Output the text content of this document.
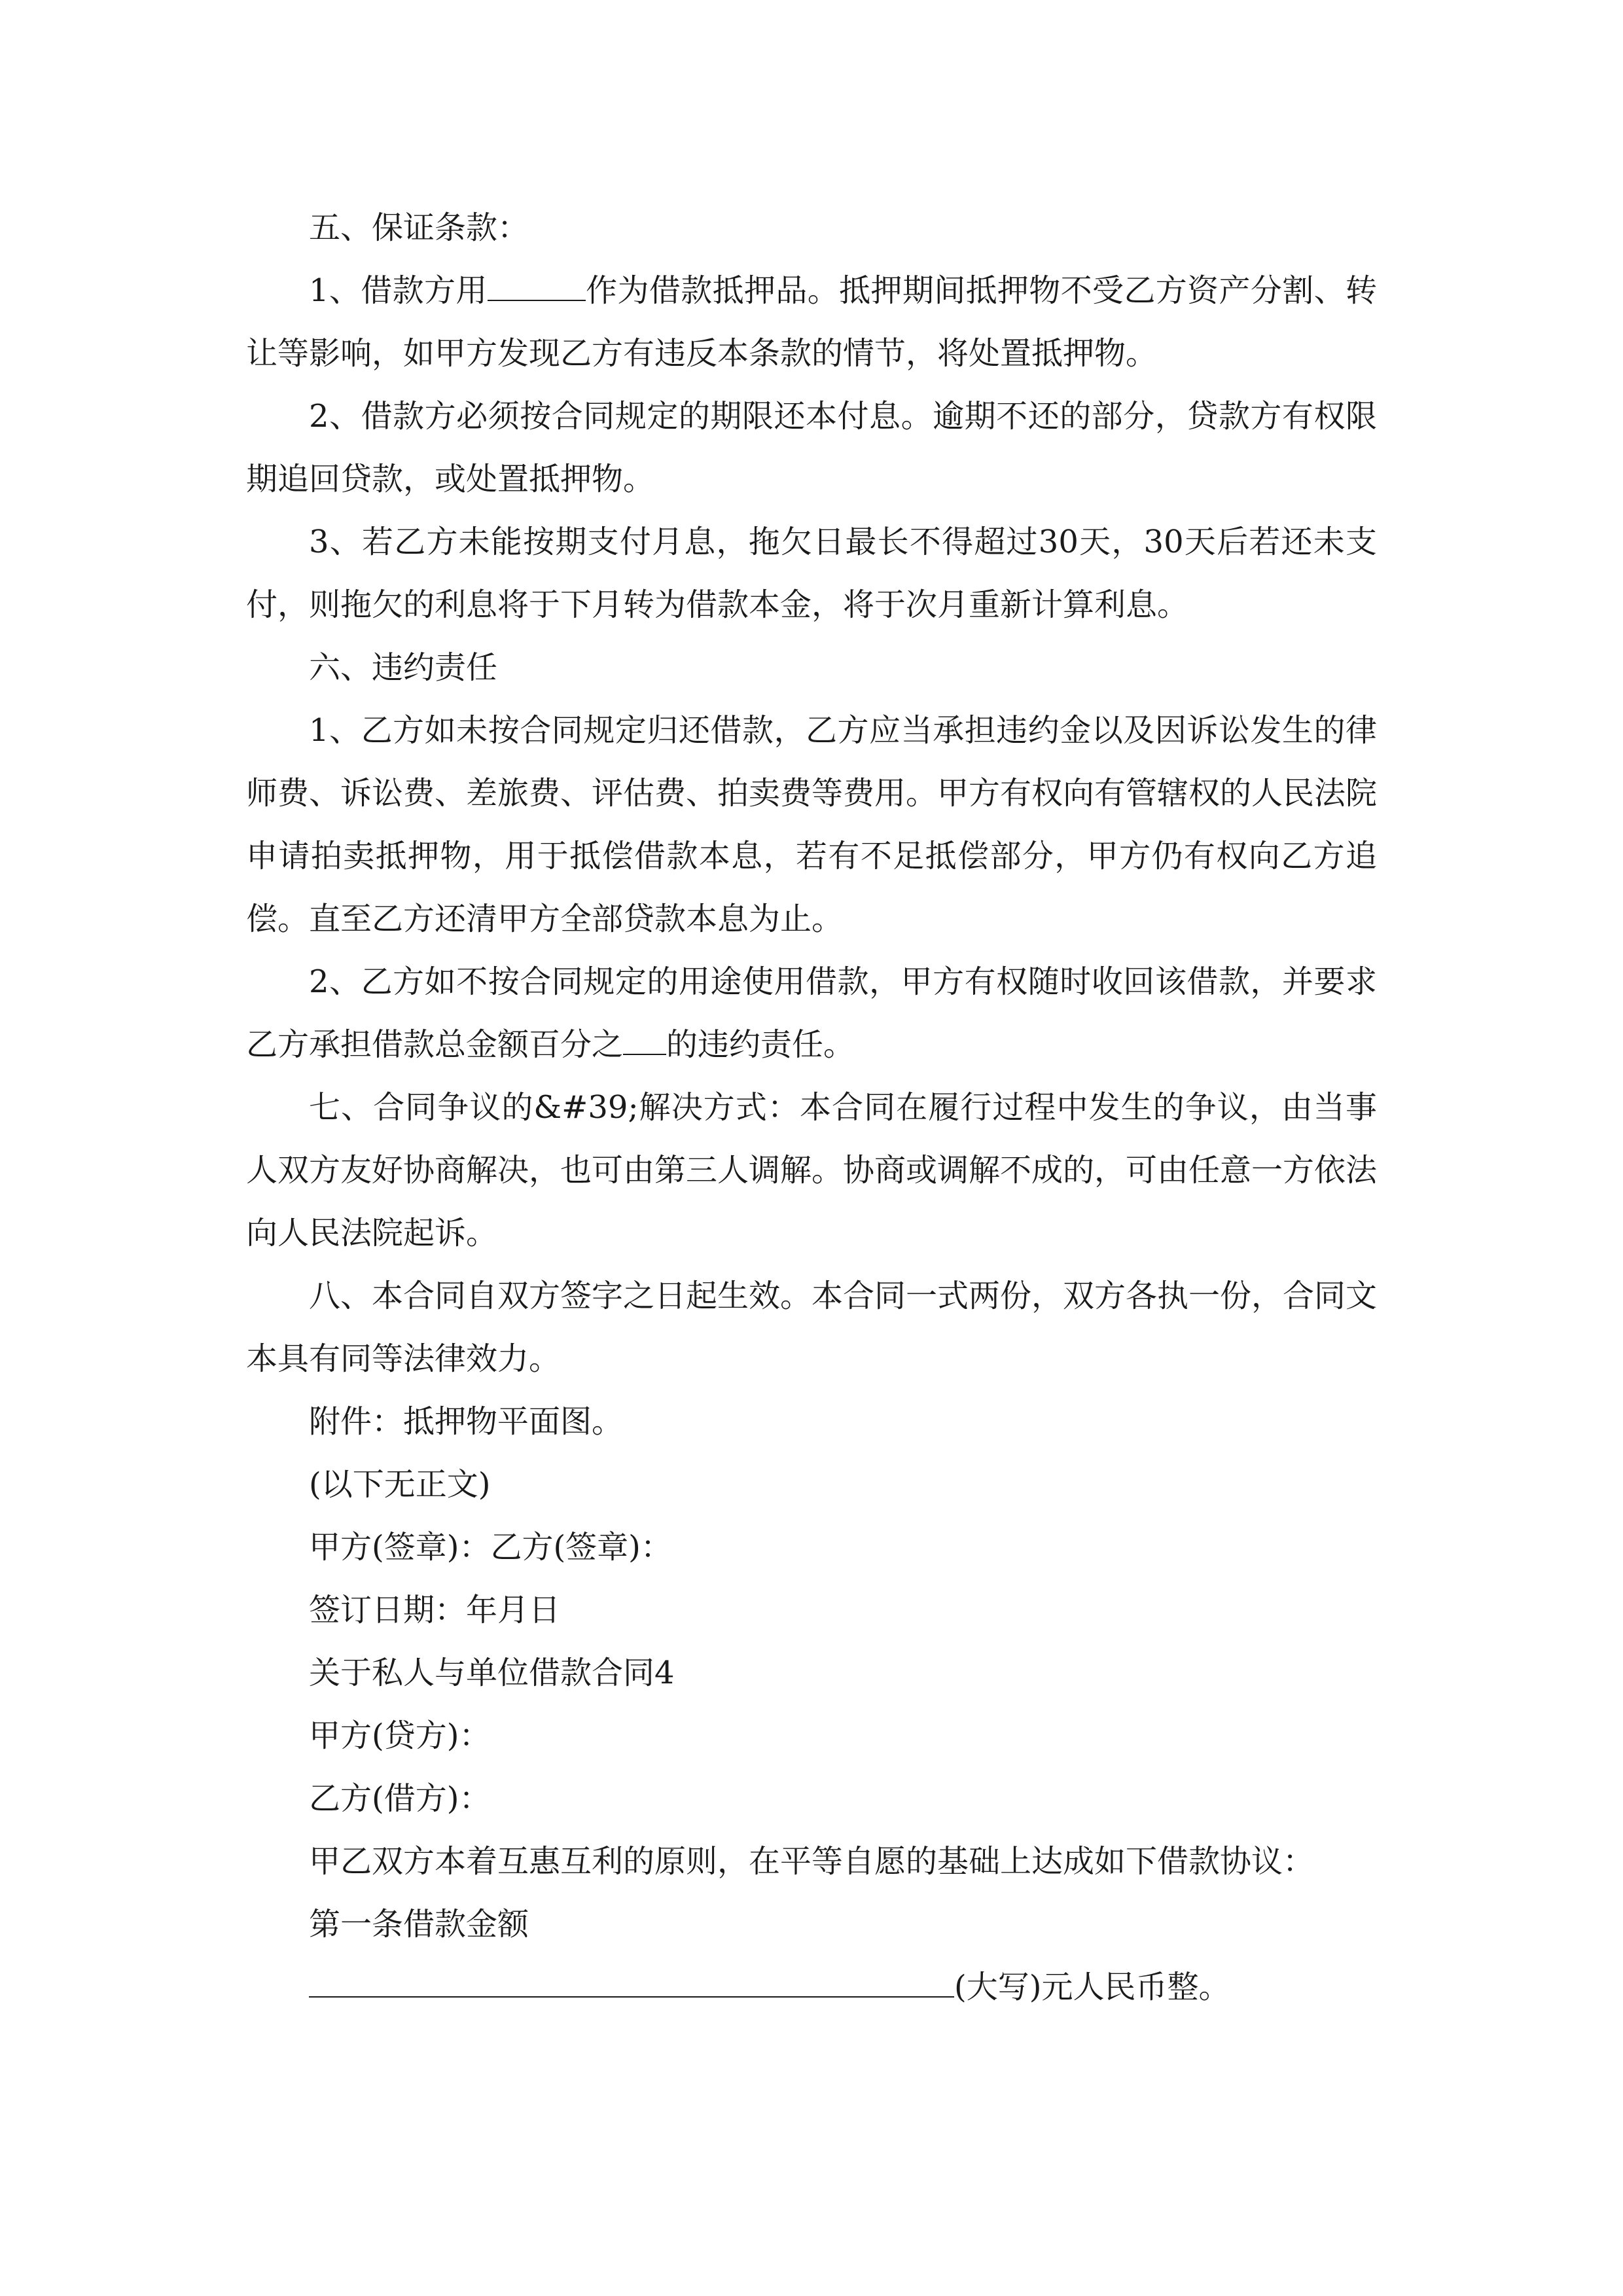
五、保证条款：

1、借款方用	作为借款抵押品。抵押期间抵押物不受乙方资产分割、转让等影响，如甲方发现乙方有违反本条款的情节，将处置抵押物。

2、借款方必须按合同规定的期限还本付息。逾期不还的部分，贷款方有权限期追回贷款，或处置抵押物。

3、若乙方未能按期支付月息，拖欠日最长不得超过30天，30天后若还未支付，则拖欠的利息将于下月转为借款本金，将于次月重新计算利息。

六、违约责任

1、乙方如未按合同规定归还借款，乙方应当承担违约金以及因诉讼发生的律师费、诉讼费、差旅费、评估费、拍卖费等费用。甲方有权向有管辖权的人民法院申请拍卖抵押物，用于抵偿借款本息，若有不足抵偿部分，甲方仍有权向乙方追偿。直至乙方还清甲方全部贷款本息为止。

2、乙方如不按合同规定的用途使用借款，甲方有权随时收回该借款，并要求乙方承担借款总金额百分之 的违约责任。

七、合同争议的&#39;解决方式：本合同在履行过程中发生的争议，由当事人双方友好协商解决，也可由第三人调解。协商或调解不成的，可由任意一方依法向人民法院起诉。

八、本合同自双方签字之日起生效。本合同一式两份，双方各执一份，合同文本具有同等法律效力。

附件：抵押物平面图。

(以下无正文)

甲方(签章)：乙方(签章)：

签订日期：年月日

关于私人与单位借款合同4

甲方(贷方)：

乙方(借方)：

甲乙双方本着互惠互利的原则，在平等自愿的基础上达成如下借款协议：

第一条借款金额

(大写)元人民币整。
